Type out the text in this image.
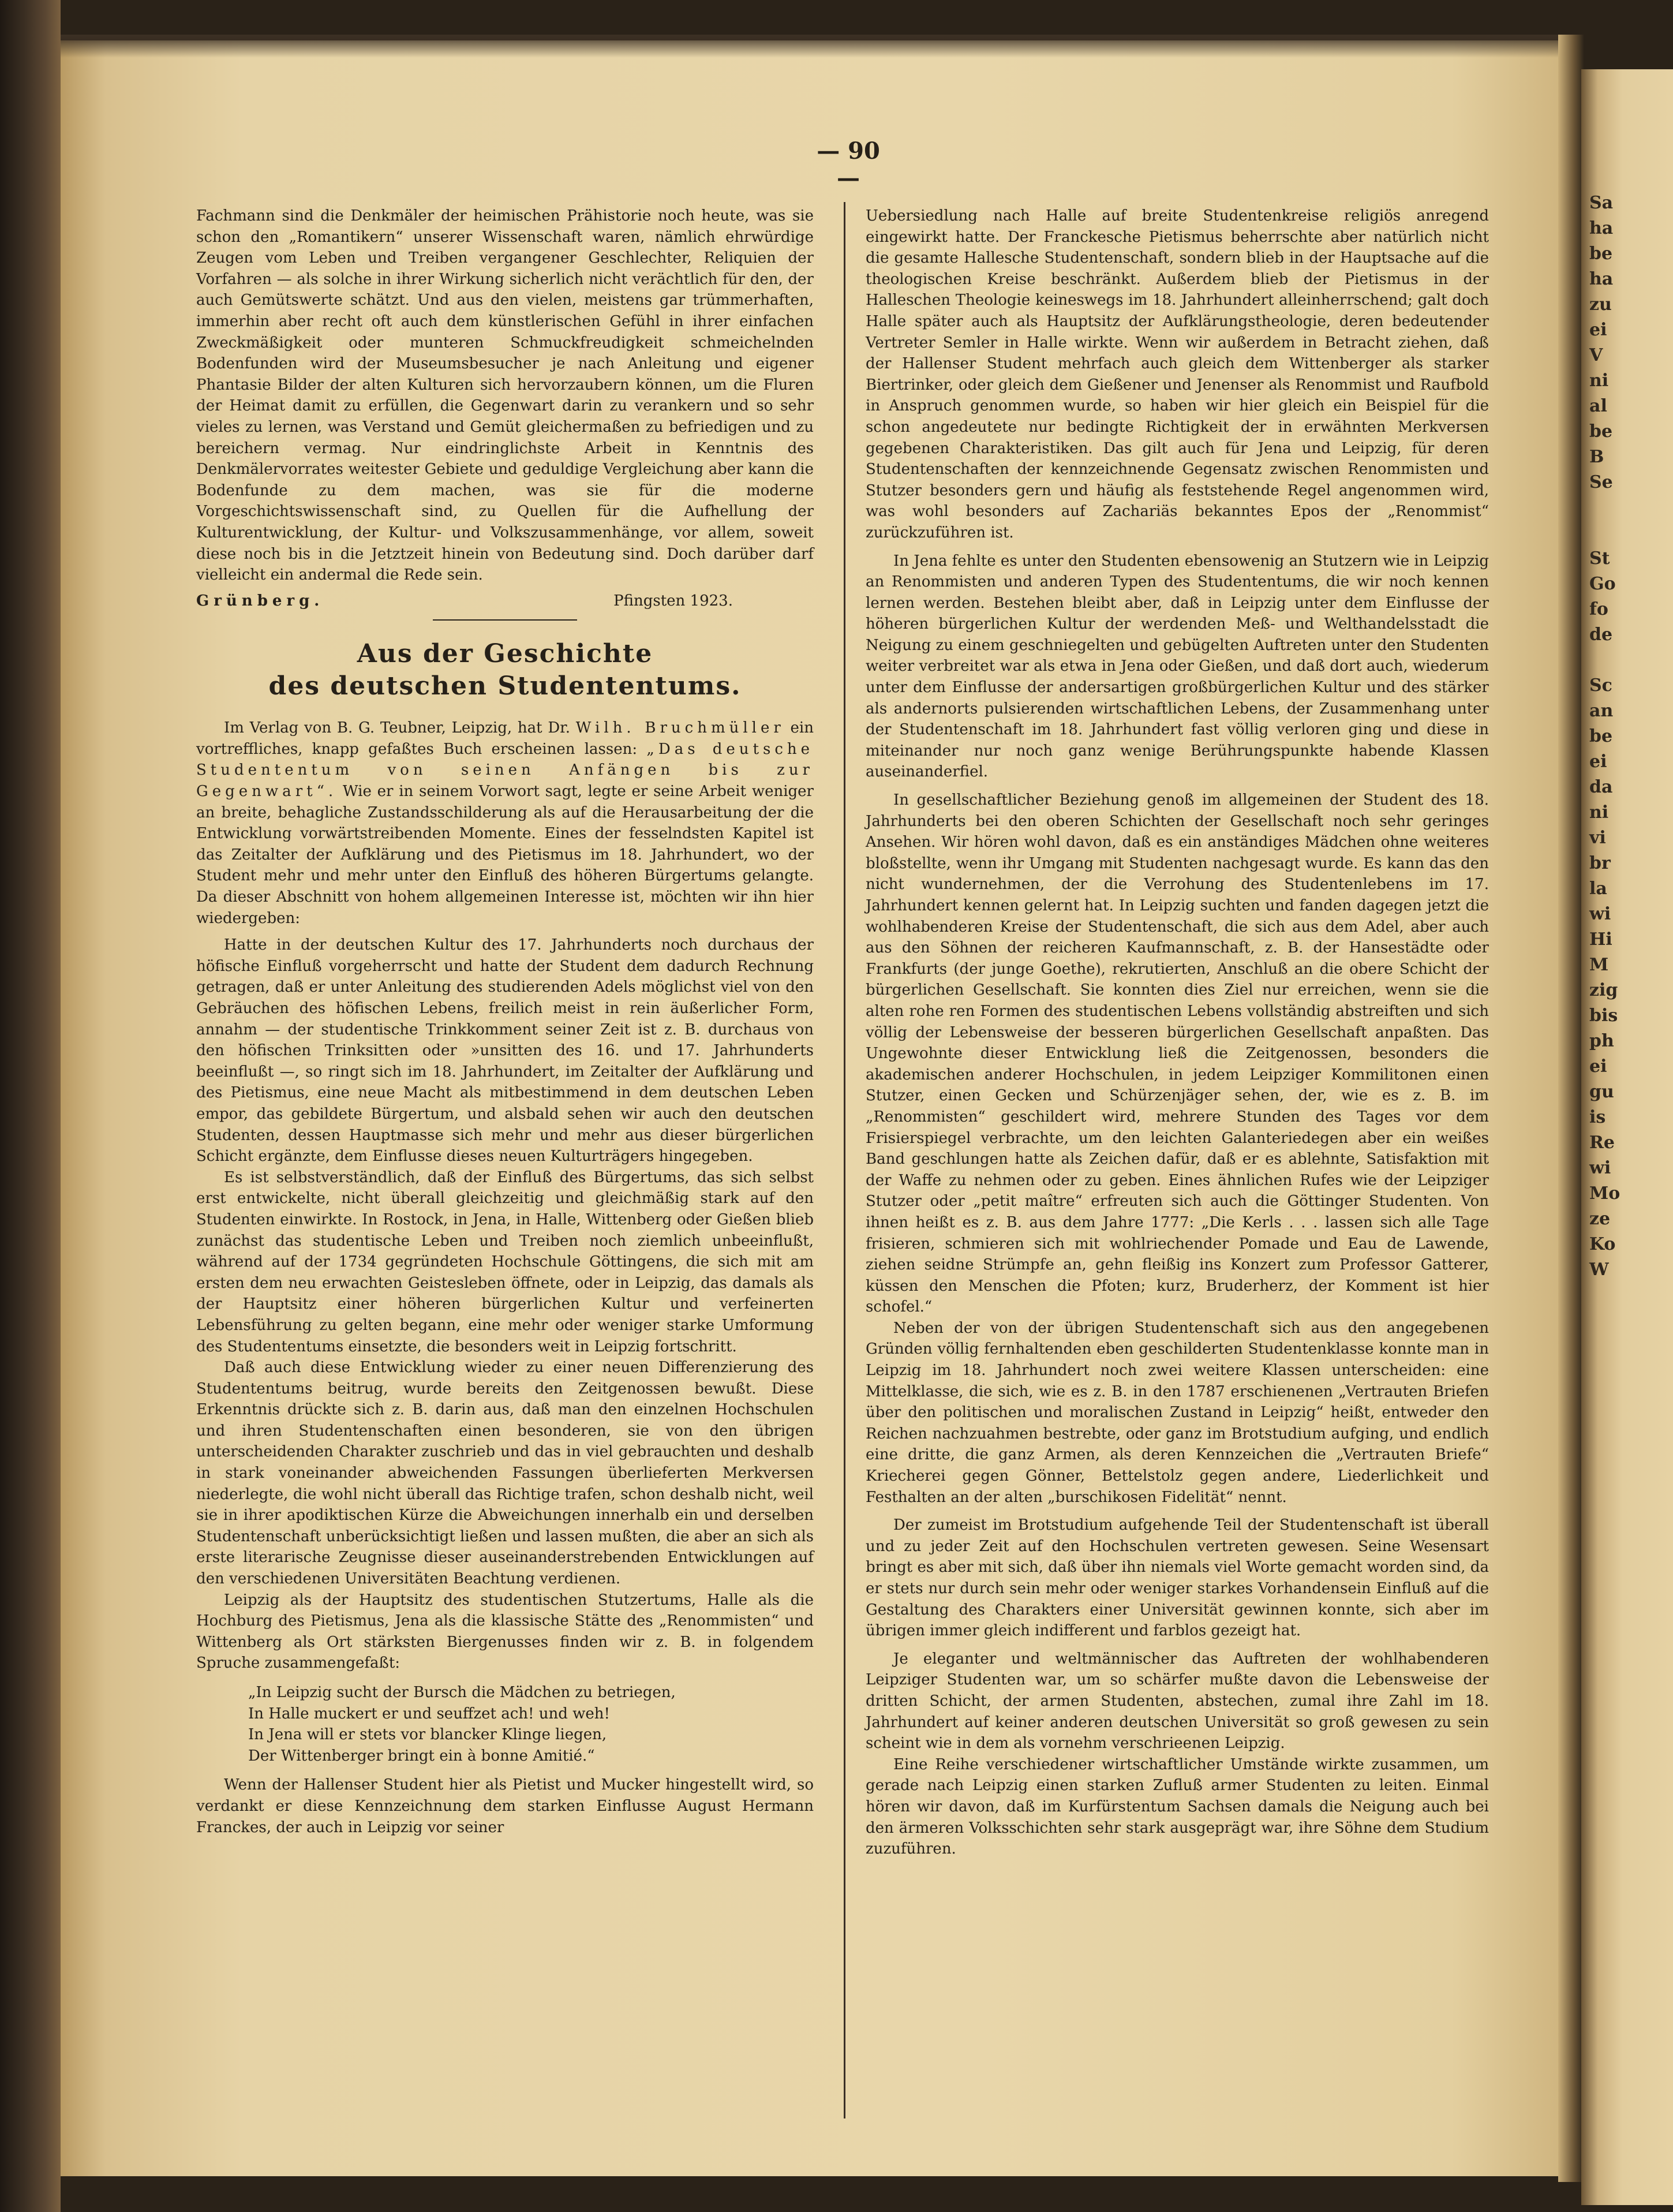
Sa
ha
be
ha
zu
ei
V
ni
al
be
B
Se

St
Go
fo
de

Sc
an
be
ei
da
ni
vi
br
la
wi
Hi
M
zig
bis
ph
ei
gu
is
Re
wi
Mo
ze
Ko
W
— 90 —

Fachmann sind die Denkmäler der heimischen Prähistorie noch heute, was sie schon den „Romantikern“ unserer Wissenschaft waren, nämlich ehrwürdige Zeugen vom Leben und Treiben vergangener Geschlechter, Reliquien der Vorfahren — als solche in ihrer Wirkung sicherlich nicht verächtlich für den, der auch Gemütswerte schätzt. Und aus den vielen, meistens gar trümmerhaften, immerhin aber recht oft auch dem künstlerischen Gefühl in ihrer einfachen Zweckmäßigkeit oder munteren Schmuckfreudigkeit schmeichelnden Bodenfunden wird der Museumsbesucher je nach Anleitung und eigener Phantasie Bilder der alten Kulturen sich hervorzaubern können, um die Fluren der Heimat damit zu erfüllen, die Gegenwart darin zu verankern und so sehr vieles zu lernen, was Verstand und Gemüt gleichermaßen zu befriedigen und zu bereichern vermag. Nur eindringlichste Arbeit in Kenntnis des Denkmälervorrates weitester Gebiete und geduldige Vergleichung aber kann die Bodenfunde zu dem machen, was sie für die moderne Vorgeschichtswissenschaft sind, zu Quellen für die Aufhellung der Kulturentwicklung, der Kultur- und Volkszusammenhänge, vor allem, soweit diese noch bis in die Jetztzeit hinein von Bedeutung sind. Doch darüber darf vielleicht ein andermal die Rede sein.

Grünberg.	Pfingsten 1923.
Aus der Geschichte
des deutschen Studententums.

Im Verlag von B. G. Teubner, Leipzig, hat Dr. Wilh. Bruchmüller ein vortreffliches, knapp gefaßtes Buch erscheinen lassen: „Das deutsche Studententum von seinen Anfängen bis zur Gegenwart“. Wie er in seinem Vorwort sagt, legte er seine Arbeit weniger an breite, behagliche Zustandsschilderung als auf die Herausarbeitung der die Entwicklung vorwärtstreibenden Momente. Eines der fesselndsten Kapitel ist das Zeitalter der Aufklärung und des Pietismus im 18. Jahrhundert, wo der Student mehr und mehr unter den Einfluß des höheren Bürgertums gelangte. Da dieser Abschnitt von hohem allgemeinen Interesse ist, möchten wir ihn hier wiedergeben:

Hatte in der deutschen Kultur des 17. Jahrhunderts noch durchaus der höfische Einfluß vorgeherrscht und hatte der Student dem dadurch Rechnung getragen, daß er unter Anleitung des studierenden Adels möglichst viel von den Gebräuchen des höfischen Lebens, freilich meist in rein äußerlicher Form, annahm — der studentische Trinkkomment seiner Zeit ist z. B. durchaus von den höfischen Trinksitten oder »unsitten des 16. und 17. Jahrhunderts beeinflußt —, so ringt sich im 18. Jahrhundert, im Zeitalter der Aufklärung und des Pietismus, eine neue Macht als mitbestimmend in dem deutschen Leben empor, das gebildete Bürgertum, und alsbald sehen wir auch den deutschen Studenten, dessen Hauptmasse sich mehr und mehr aus dieser bürgerlichen Schicht ergänzte, dem Einflusse dieses neuen Kulturträgers hingegeben.

Es ist selbstverständlich, daß der Einfluß des Bürgertums, das sich selbst erst entwickelte, nicht überall gleichzeitig und gleichmäßig stark auf den Studenten einwirkte. In Rostock, in Jena, in Halle, Wittenberg oder Gießen blieb zunächst das studentische Leben und Treiben noch ziemlich unbeeinflußt, während auf der 1734 gegründeten Hochschule Göttingens, die sich mit am ersten dem neu erwachten Geistesleben öffnete, oder in Leipzig, das damals als der Hauptsitz einer höheren bürgerlichen Kultur und verfeinerten Lebensführung zu gelten begann, eine mehr oder weniger starke Umformung des Studententums einsetzte, die besonders weit in Leipzig fortschritt.

Daß auch diese Entwicklung wieder zu einer neuen Differenzierung des Studententums beitrug, wurde bereits den Zeitgenossen bewußt. Diese Erkenntnis drückte sich z. B. darin aus, daß man den einzelnen Hochschulen und ihren Studentenschaften einen besonderen, sie von den übrigen unterscheidenden Charakter zuschrieb und das in viel gebrauchten und deshalb in stark voneinander abweichenden Fassungen überlieferten Merkversen niederlegte, die wohl nicht überall das Richtige trafen, schon deshalb nicht, weil sie in ihrer apodiktischen Kürze die Abweichungen innerhalb ein und derselben Studentenschaft unberücksichtigt ließen und lassen mußten, die aber an sich als erste literarische Zeugnisse dieser auseinanderstrebenden Entwicklungen auf den verschiedenen Universitäten Beachtung verdienen.

Leipzig als der Hauptsitz des studentischen Stutzertums, Halle als die Hochburg des Pietismus, Jena als die klassische Stätte des „Renommisten“ und Wittenberg als Ort stärksten Biergenusses finden wir z. B. in folgendem Spruche zusammengefaßt:

„In Leipzig sucht der Bursch die Mädchen zu betriegen,
In Halle muckert er und seuffzet ach! und weh!
In Jena will er stets vor blancker Klinge liegen,
Der Wittenberger bringt ein à bonne Amitié.“

Wenn der Hallenser Student hier als Pietist und Mucker hingestellt wird, so verdankt er diese Kennzeichnung dem starken Einflusse August Hermann Franckes, der auch in Leipzig vor seiner

Uebersiedlung nach Halle auf breite Studentenkreise religiös anregend eingewirkt hatte. Der Franckesche Pietismus beherrschte aber natürlich nicht die gesamte Hallesche Studentenschaft, sondern blieb in der Hauptsache auf die theologischen Kreise beschränkt. Außerdem blieb der Pietismus in der Halleschen Theologie keineswegs im 18. Jahrhundert alleinherrschend; galt doch Halle später auch als Hauptsitz der Aufklärungstheologie, deren bedeutender Vertreter Semler in Halle wirkte. Wenn wir außerdem in Betracht ziehen, daß der Hallenser Student mehrfach auch gleich dem Wittenberger als starker Biertrinker, oder gleich dem Gießener und Jenenser als Renommist und Raufbold in Anspruch genommen wurde, so haben wir hier gleich ein Beispiel für die schon angedeutete nur bedingte Richtigkeit der in erwähnten Merkversen gegebenen Charakteristiken. Das gilt auch für Jena und Leipzig, für deren Studentenschaften der kennzeichnende Gegensatz zwischen Renommisten und Stutzer besonders gern und häufig als feststehende Regel angenommen wird, was wohl besonders auf Zachariäs bekanntes Epos der „Renommist“ zurückzuführen ist.

In Jena fehlte es unter den Studenten ebensowenig an Stutzern wie in Leipzig an Renommisten und anderen Typen des Studententums, die wir noch kennen lernen werden. Bestehen bleibt aber, daß in Leipzig unter dem Einflusse der höheren bürgerlichen Kultur der werdenden Meß- und Welthandelsstadt die Neigung zu einem geschniegelten und gebügelten Auftreten unter den Studenten weiter verbreitet war als etwa in Jena oder Gießen, und daß dort auch, wiederum unter dem Einflusse der andersartigen großbürgerlichen Kultur und des stärker als andernorts pulsierenden wirtschaftlichen Lebens, der Zusammenhang unter der Studentenschaft im 18. Jahrhundert fast völlig verloren ging und diese in miteinander nur noch ganz wenige Berührungspunkte habende Klassen auseinanderfiel.

In gesellschaftlicher Beziehung genoß im allgemeinen der Student des 18. Jahrhunderts bei den oberen Schichten der Gesellschaft noch sehr geringes Ansehen. Wir hören wohl davon, daß es ein anständiges Mädchen ohne weiteres bloßstellte, wenn ihr Umgang mit Studenten nachgesagt wurde. Es kann das den nicht wundernehmen, der die Verrohung des Studentenlebens im 17. Jahrhundert kennen gelernt hat. In Leipzig suchten und fanden dagegen jetzt die wohlhabenderen Kreise der Studentenschaft, die sich aus dem Adel, aber auch aus den Söhnen der reicheren Kaufmannschaft, z. B. der Hansestädte oder Frankfurts (der junge Goethe), rekrutierten, Anschluß an die obere Schicht der bürgerlichen Gesellschaft. Sie konnten dies Ziel nur erreichen, wenn sie die alten rohe ren Formen des studentischen Lebens vollständig abstreiften und sich völlig der Lebensweise der besseren bürgerlichen Gesellschaft anpaßten. Das Ungewohnte dieser Entwicklung ließ die Zeitgenossen, besonders die akademischen anderer Hochschulen, in jedem Leipziger Kommilitonen einen Stutzer, einen Gecken und Schürzenjäger sehen, der, wie es z. B. im „Renommisten“ geschildert wird, mehrere Stunden des Tages vor dem Frisierspiegel verbrachte, um den leichten Galanteriedegen aber ein weißes Band geschlungen hatte als Zeichen dafür, daß er es ablehnte, Satisfaktion mit der Waffe zu nehmen oder zu geben. Eines ähnlichen Rufes wie der Leipziger Stutzer oder „petit maître“ erfreuten sich auch die Göttinger Studenten. Von ihnen heißt es z. B. aus dem Jahre 1777: „Die Kerls . . . lassen sich alle Tage frisieren, schmieren sich mit wohlriechender Pomade und Eau de Lawende, ziehen seidne Strümpfe an, gehn fleißig ins Konzert zum Professor Gatterer, küssen den Menschen die Pfoten; kurz, Bruderherz, der Komment ist hier schofel.“

Neben der von der übrigen Studentenschaft sich aus den angegebenen Gründen völlig fernhaltenden eben geschilderten Studentenklasse konnte man in Leipzig im 18. Jahrhundert noch zwei weitere Klassen unterscheiden: eine Mittelklasse, die sich, wie es z. B. in den 1787 erschienenen „Vertrauten Briefen über den politischen und moralischen Zustand in Leipzig“ heißt, entweder den Reichen nachzuahmen bestrebte, oder ganz im Brotstudium aufging, und endlich eine dritte, die ganz Armen, als deren Kennzeichen die „Vertrauten Briefe“ Kriecherei gegen Gönner, Bettelstolz gegen andere, Liederlichkeit und Festhalten an der alten „burschikosen Fidelität“ nennt.

Der zumeist im Brotstudium aufgehende Teil der Studentenschaft ist überall und zu jeder Zeit auf den Hochschulen vertreten gewesen. Seine Wesensart bringt es aber mit sich, daß über ihn niemals viel Worte gemacht worden sind, da er stets nur durch sein mehr oder weniger starkes Vorhandensein Einfluß auf die Gestaltung des Charakters einer Universität gewinnen konnte, sich aber im übrigen immer gleich indifferent und farblos gezeigt hat.

Je eleganter und weltmännischer das Auftreten der wohlhabenderen Leipziger Studenten war, um so schärfer mußte davon die Lebensweise der dritten Schicht, der armen Studenten, abstechen, zumal ihre Zahl im 18. Jahrhundert auf keiner anderen deutschen Universität so groß gewesen zu sein scheint wie in dem als vornehm verschrieenen Leipzig.

Eine Reihe verschiedener wirtschaftlicher Umstände wirkte zusammen, um gerade nach Leipzig einen starken Zufluß armer Studenten zu leiten. Einmal hören wir davon, daß im Kurfürstentum Sachsen damals die Neigung auch bei den ärmeren Volksschichten sehr stark ausgeprägt war, ihre Söhne dem Studium zuzuführen.
